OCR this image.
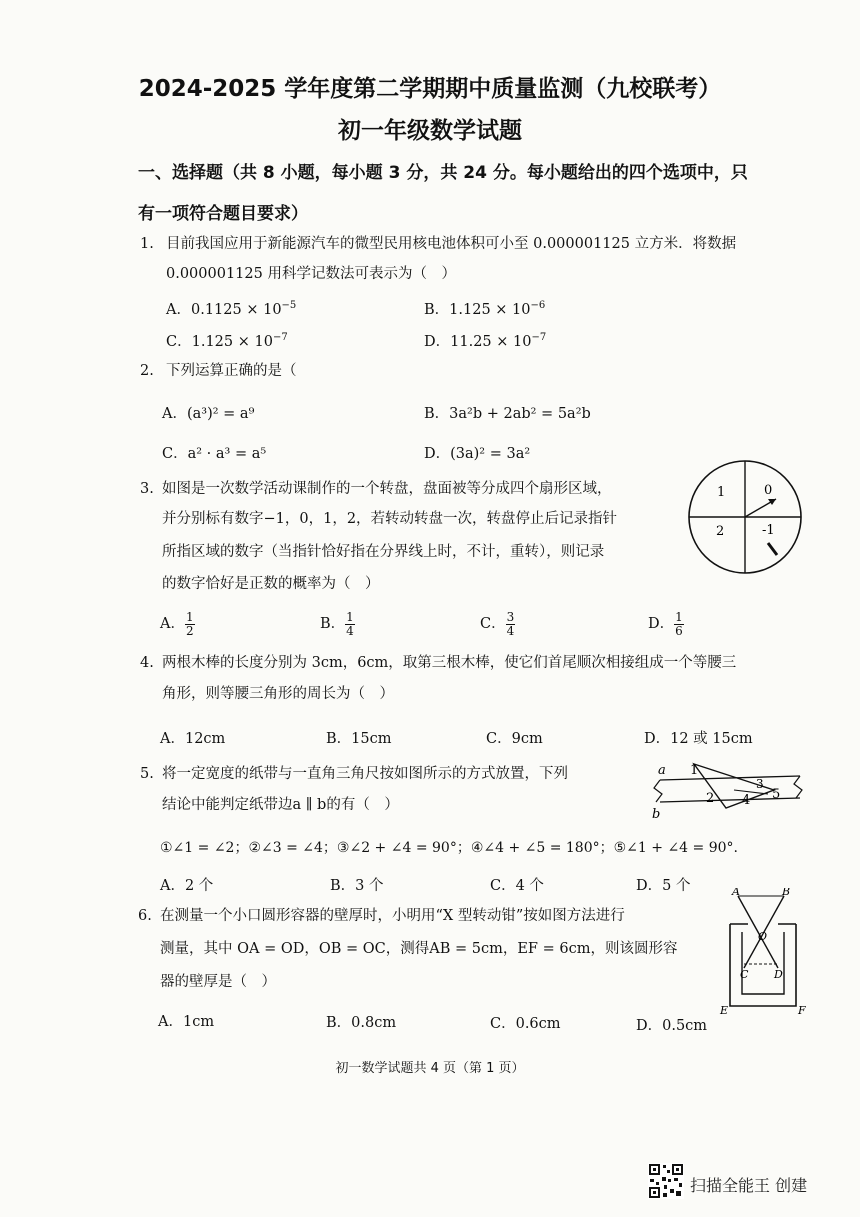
2024-2025 学年度第二学期期中质量监测（九校联考）
初一年级数学试题
一、选择题（共 8 小题，每小题 3 分，共 24 分。每小题给出的四个选项中，只
有一项符合题目要求）
1. 目前我国应用于新能源汽车的微型民用核电池体积可小至 0.000001125 立方米．将数据
0.000001125 用科学记数法可表示为（　）
A．$0.1125 \times 10^{-5}$	B．$1.125 \times 10^{-6}$
C．$1.125 \times 10^{-7}$	D．$11.25 \times 10^{-7}$
2. 下列运算正确的是（
A．(a³)² = a⁹	B．3a²b + 2ab² = 5a²b
C．a² · a³ = a⁵	D．(3a)² = 3a²
3. 如图是一次数学活动课制作的一个转盘，盘面被等分成四个扇形区域，
并分别标有数字−1，0，1，2，若转动转盘一次，转盘停止后记录指针
所指区域的数字（当指针恰好指在分界线上时，不计，重转），则记录
的数字恰好是正数的概率为（　）
1	0
2	-1
A． $\frac{1}{2}$	B． $\frac{1}{4}$	C． $\frac{3}{4}$	D． $\frac{1}{6}$
4. 两根木棒的长度分别为 3cm，6cm，取第三根木棒，使它们首尾顺次相接组成一个等腰三
角形，则等腰三角形的周长为（　）
A．12cm	B．15cm	C．9cm	D．12 或 15cm
5. 将一定宽度的纸带与一直角三角尺按如图所示的方式放置，下列
结论中能判定纸带边a ∥ b的有（　）
a
b
1
2
3
4 5
①∠1 = ∠2；②∠3 = ∠4；③∠2 + ∠4 = 90°；④∠4 + ∠5 = 180°；⑤∠1 + ∠4 = 90°.
A．2 个	B．3 个	C．4 个	D．5 个
6. 在测量一个小口圆形容器的壁厚时，小明用“X 型转动钳”按如图方法进行
测量，其中 OA = OD，OB = OC，测得AB = 5cm，EF = 6cm，则该圆形容
器的壁厚是（　）
A	B
O
C D
E	F
A．1cm	B．0.8cm	C．0.6cm	D．0.5cm
初一数学试题共 4 页（第 1 页）
扫描全能王 创建
